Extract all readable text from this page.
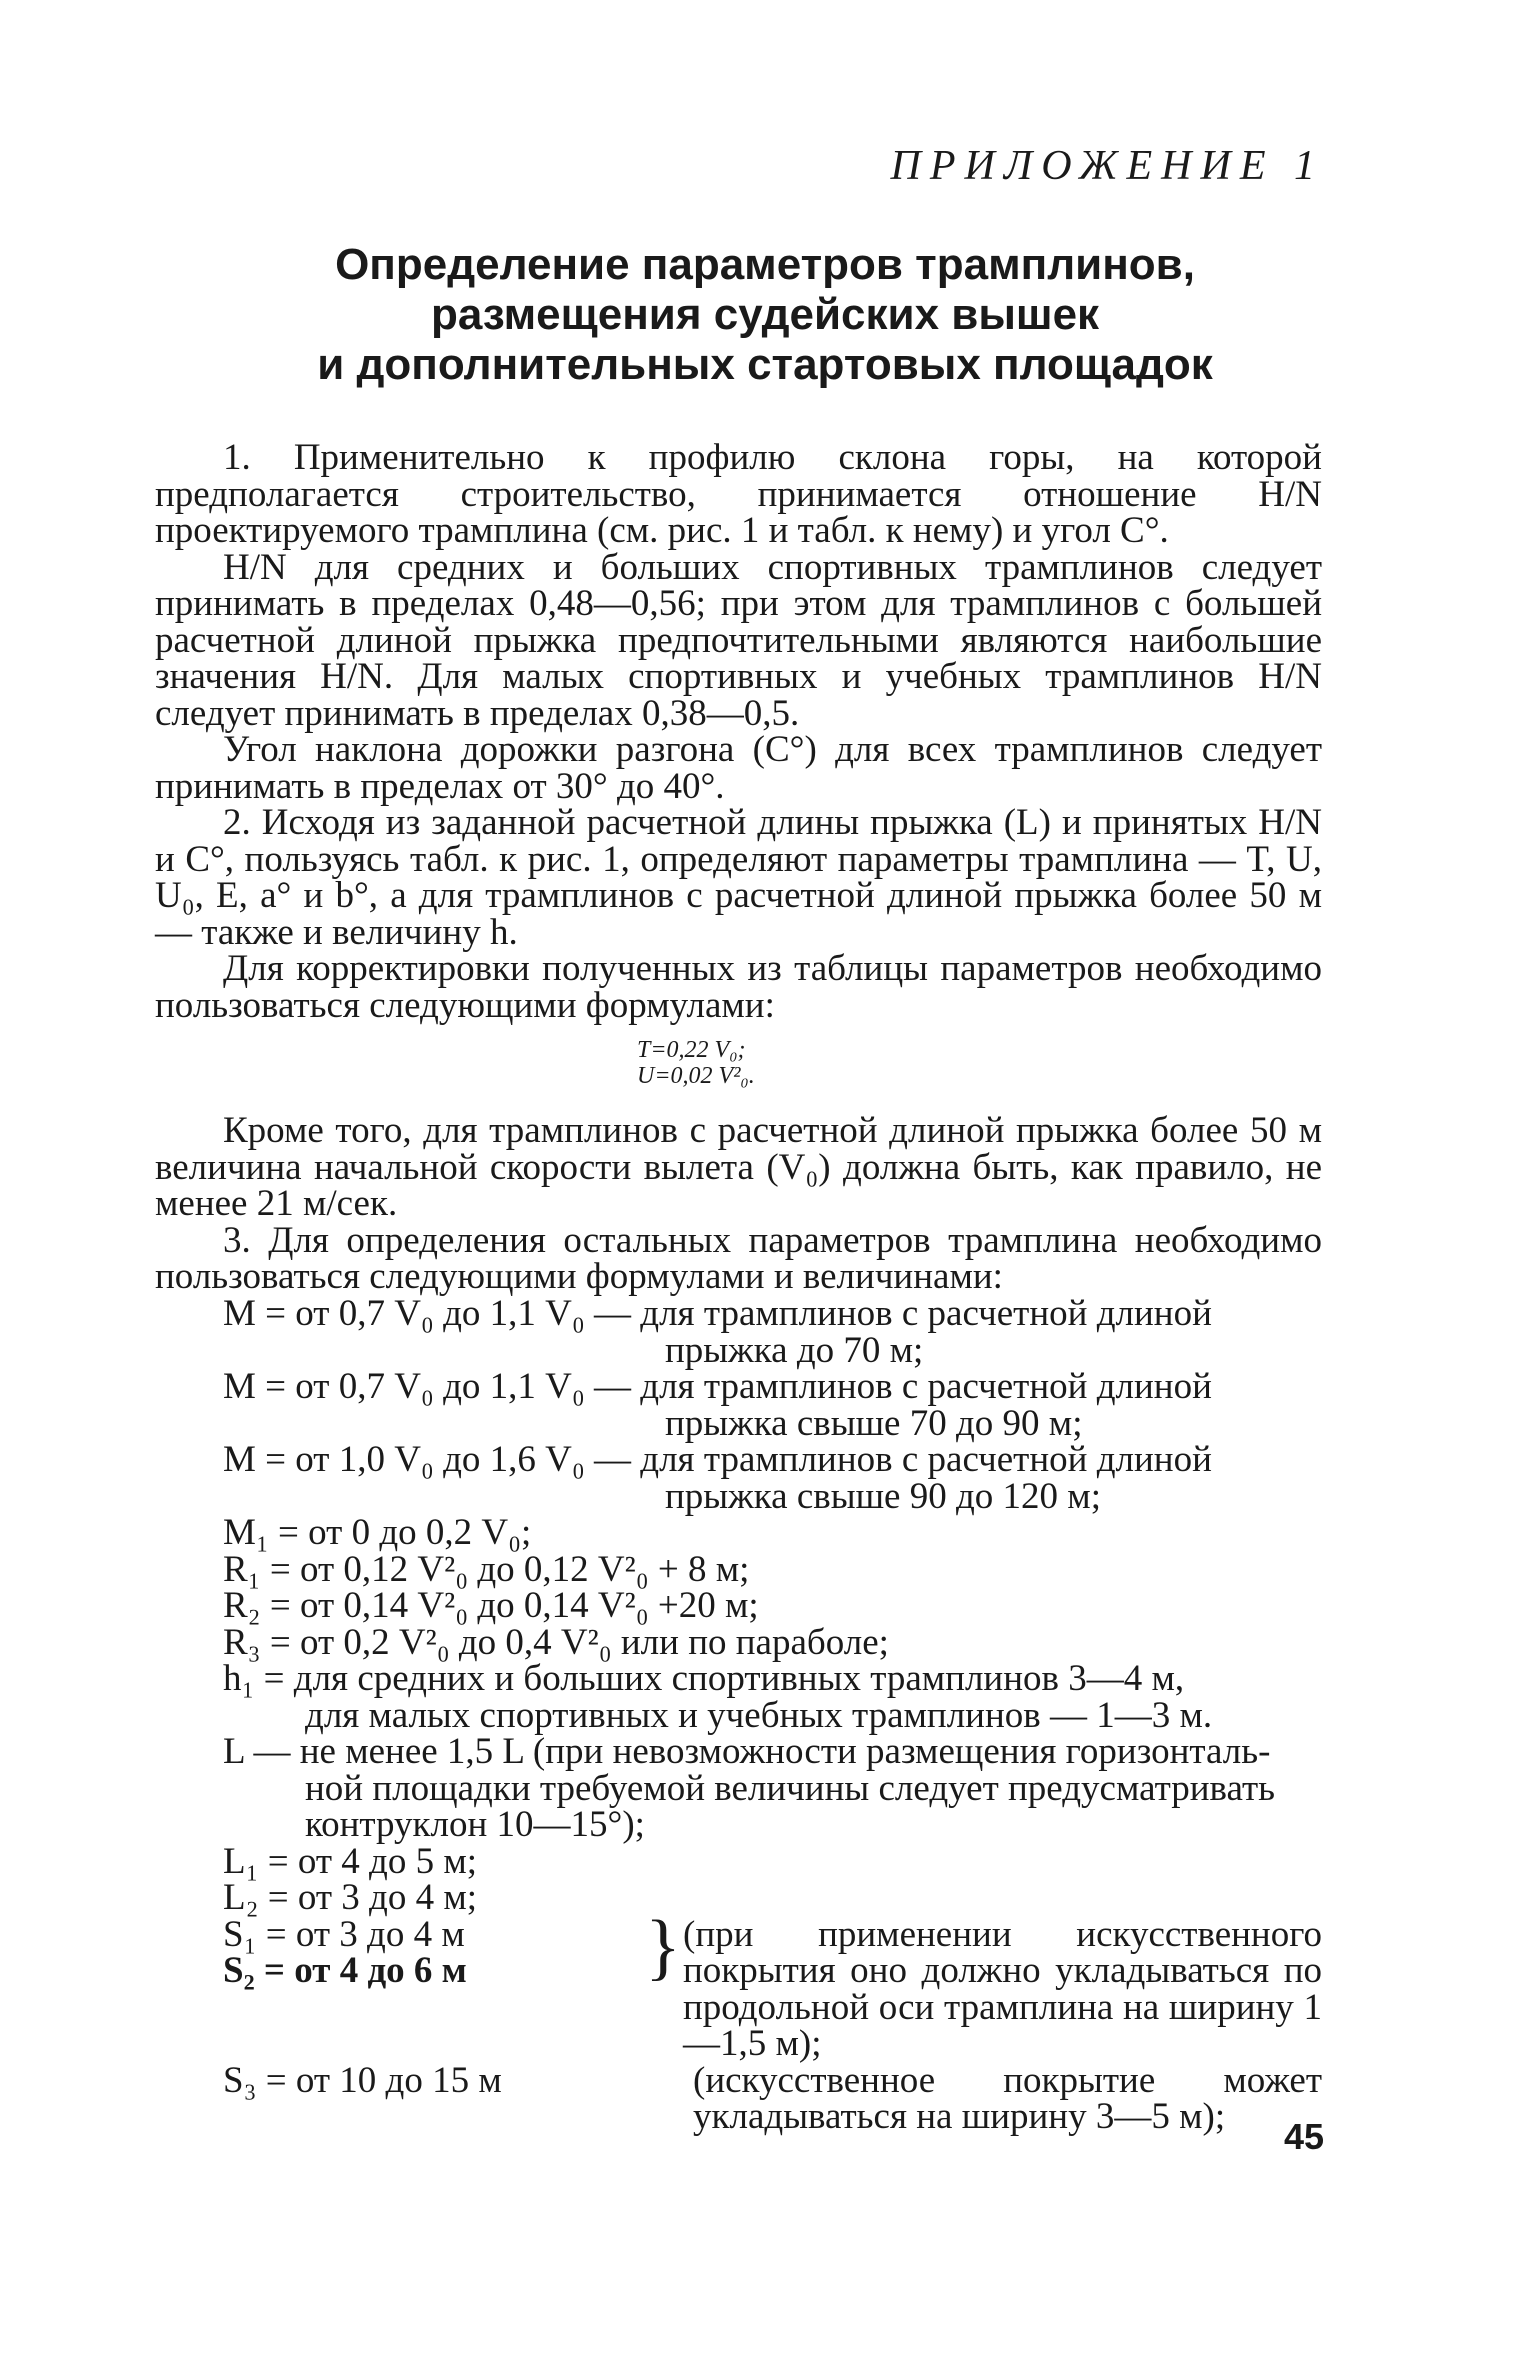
ПРИЛОЖЕНИЕ 1
Определение параметров трамплинов,
размещения судейских вышек
и дополнительных стартовых площадок

1. Применительно к профилю склона горы, на которой предполагается строительство, принимается отношение H/N проектируемого трамплина (см. рис. 1 и табл. к нему) и угол C°.

H/N для средних и больших спортивных трамплинов следует принимать в пределах 0,48—0,56; при этом для трамплинов с большей расчетной длиной прыжка предпочтительными являются наибольшие значения H/N. Для малых спортивных и учебных трамплинов H/N следует принимать в пределах 0,38—0,5.

Угол наклона дорожки разгона (C°) для всех трамплинов следует принимать в пределах от 30° до 40°.

2. Исходя из заданной расчетной длины прыжка (L) и принятых H/N и C°, пользуясь табл. к рис. 1, определяют параметры трамплина — T, U, U₀, E, a° и b°, а для трамплинов с расчетной длиной прыжка более 50 м — также и величину h.

Для корректировки полученных из таблицы параметров необходимо пользоваться следующими формулами:

T=0,22 V₀;
U=0,02 V²₀.

Кроме того, для трамплинов с расчетной длиной прыжка более 50 м величина начальной скорости вылета (V₀) должна быть, как правило, не менее 21 м/сек.

3. Для определения остальных параметров трамплина необходимо пользоваться следующими формулами и величинами:

M = от 0,7 V₀ до 1,1 V₀ — для трамплинов с расчетной длиной
прыжка до 70 м;
M = от 0,7 V₀ до 1,1 V₀ — для трамплинов с расчетной длиной
прыжка свыше 70 до 90 м;
M = от 1,0 V₀ до 1,6 V₀ — для трамплинов с расчетной длиной
прыжка свыше 90 до 120 м;
M₁ = от 0 до 0,2 V₀;
R₁ = от 0,12 V²₀ до 0,12 V²₀ + 8 м;
R₂ = от 0,14 V²₀ до 0,14 V²₀ +20 м;
R₃ = от 0,2 V²₀ до 0,4 V²₀ или по параболе;
h₁ = для средних и больших спортивных трамплинов 3—4 м,
для малых спортивных и учебных трамплинов — 1—3 м.
L — не менее 1,5 L (при невозможности размещения горизонталь-
ной площадки требуемой величины следует предусматривать
контруклон 10—15°);
L₁ = от 4 до 5 м;
L₂ = от 3 до 4 м;
S₁ = от 3 до 4 м
S₂ = от 4 до 6 м	} (при применении искусственного покрытия оно должно укладываться по продольной оси трамплина на ширину 1—1,5 м);
S₃ = от 10 до 15 м	(искусственное покрытие может укладываться на ширину 3—5 м);	45
